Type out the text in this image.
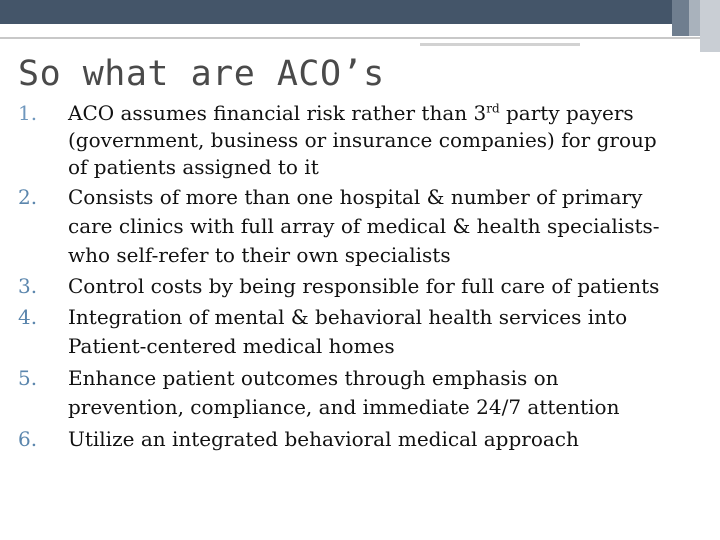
So what are ACO’s
1.	ACO assumes financial risk rather than 3rd party payers
(government, business or insurance companies) for group
of patients assigned to it
2.	Consists of more than one hospital & number of primary
care clinics with full array of medical & health specialists-
who self-refer to their own specialists
3.	Control costs by being responsible for full care of patients
4.	Integration of mental & behavioral health services into
Patient-centered medical homes
5.	Enhance patient outcomes through emphasis on
prevention, compliance, and immediate 24/7 attention
6.	Utilize an integrated behavioral medical approach
